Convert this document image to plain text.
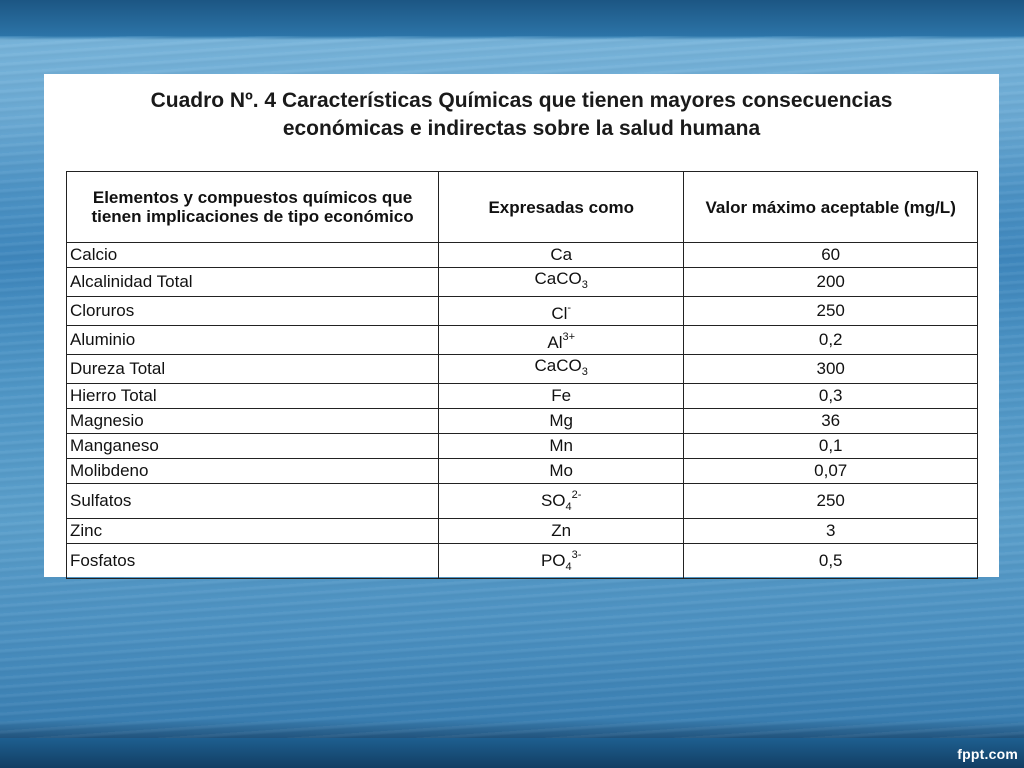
Cuadro Nº. 4 Características Químicas que tienen mayores consecuencias
económicas e indirectas sobre la salud humana
Elementos y compuestos químicos que tienen implicaciones de tipo económico	Expresadas como	Valor máximo aceptable (mg/L)
Calcio	Ca	60
Alcalinidad Total	CaCO$_3$	200
Cloruros	Cl-	250
Aluminio	$Al^{3+}$	0,2
Dureza Total	CaCO$_3$	300
Hierro Total	Fe	0,3
Magnesio	Mg	36
Manganeso	Mn	0,1
Molibdeno	Mo	0,07
Sulfatos	$SO_4^{2-}$	250
Zinc	Zn	3
Fosfatos	$PO_4^{3-}$	0,5
fppt.com
